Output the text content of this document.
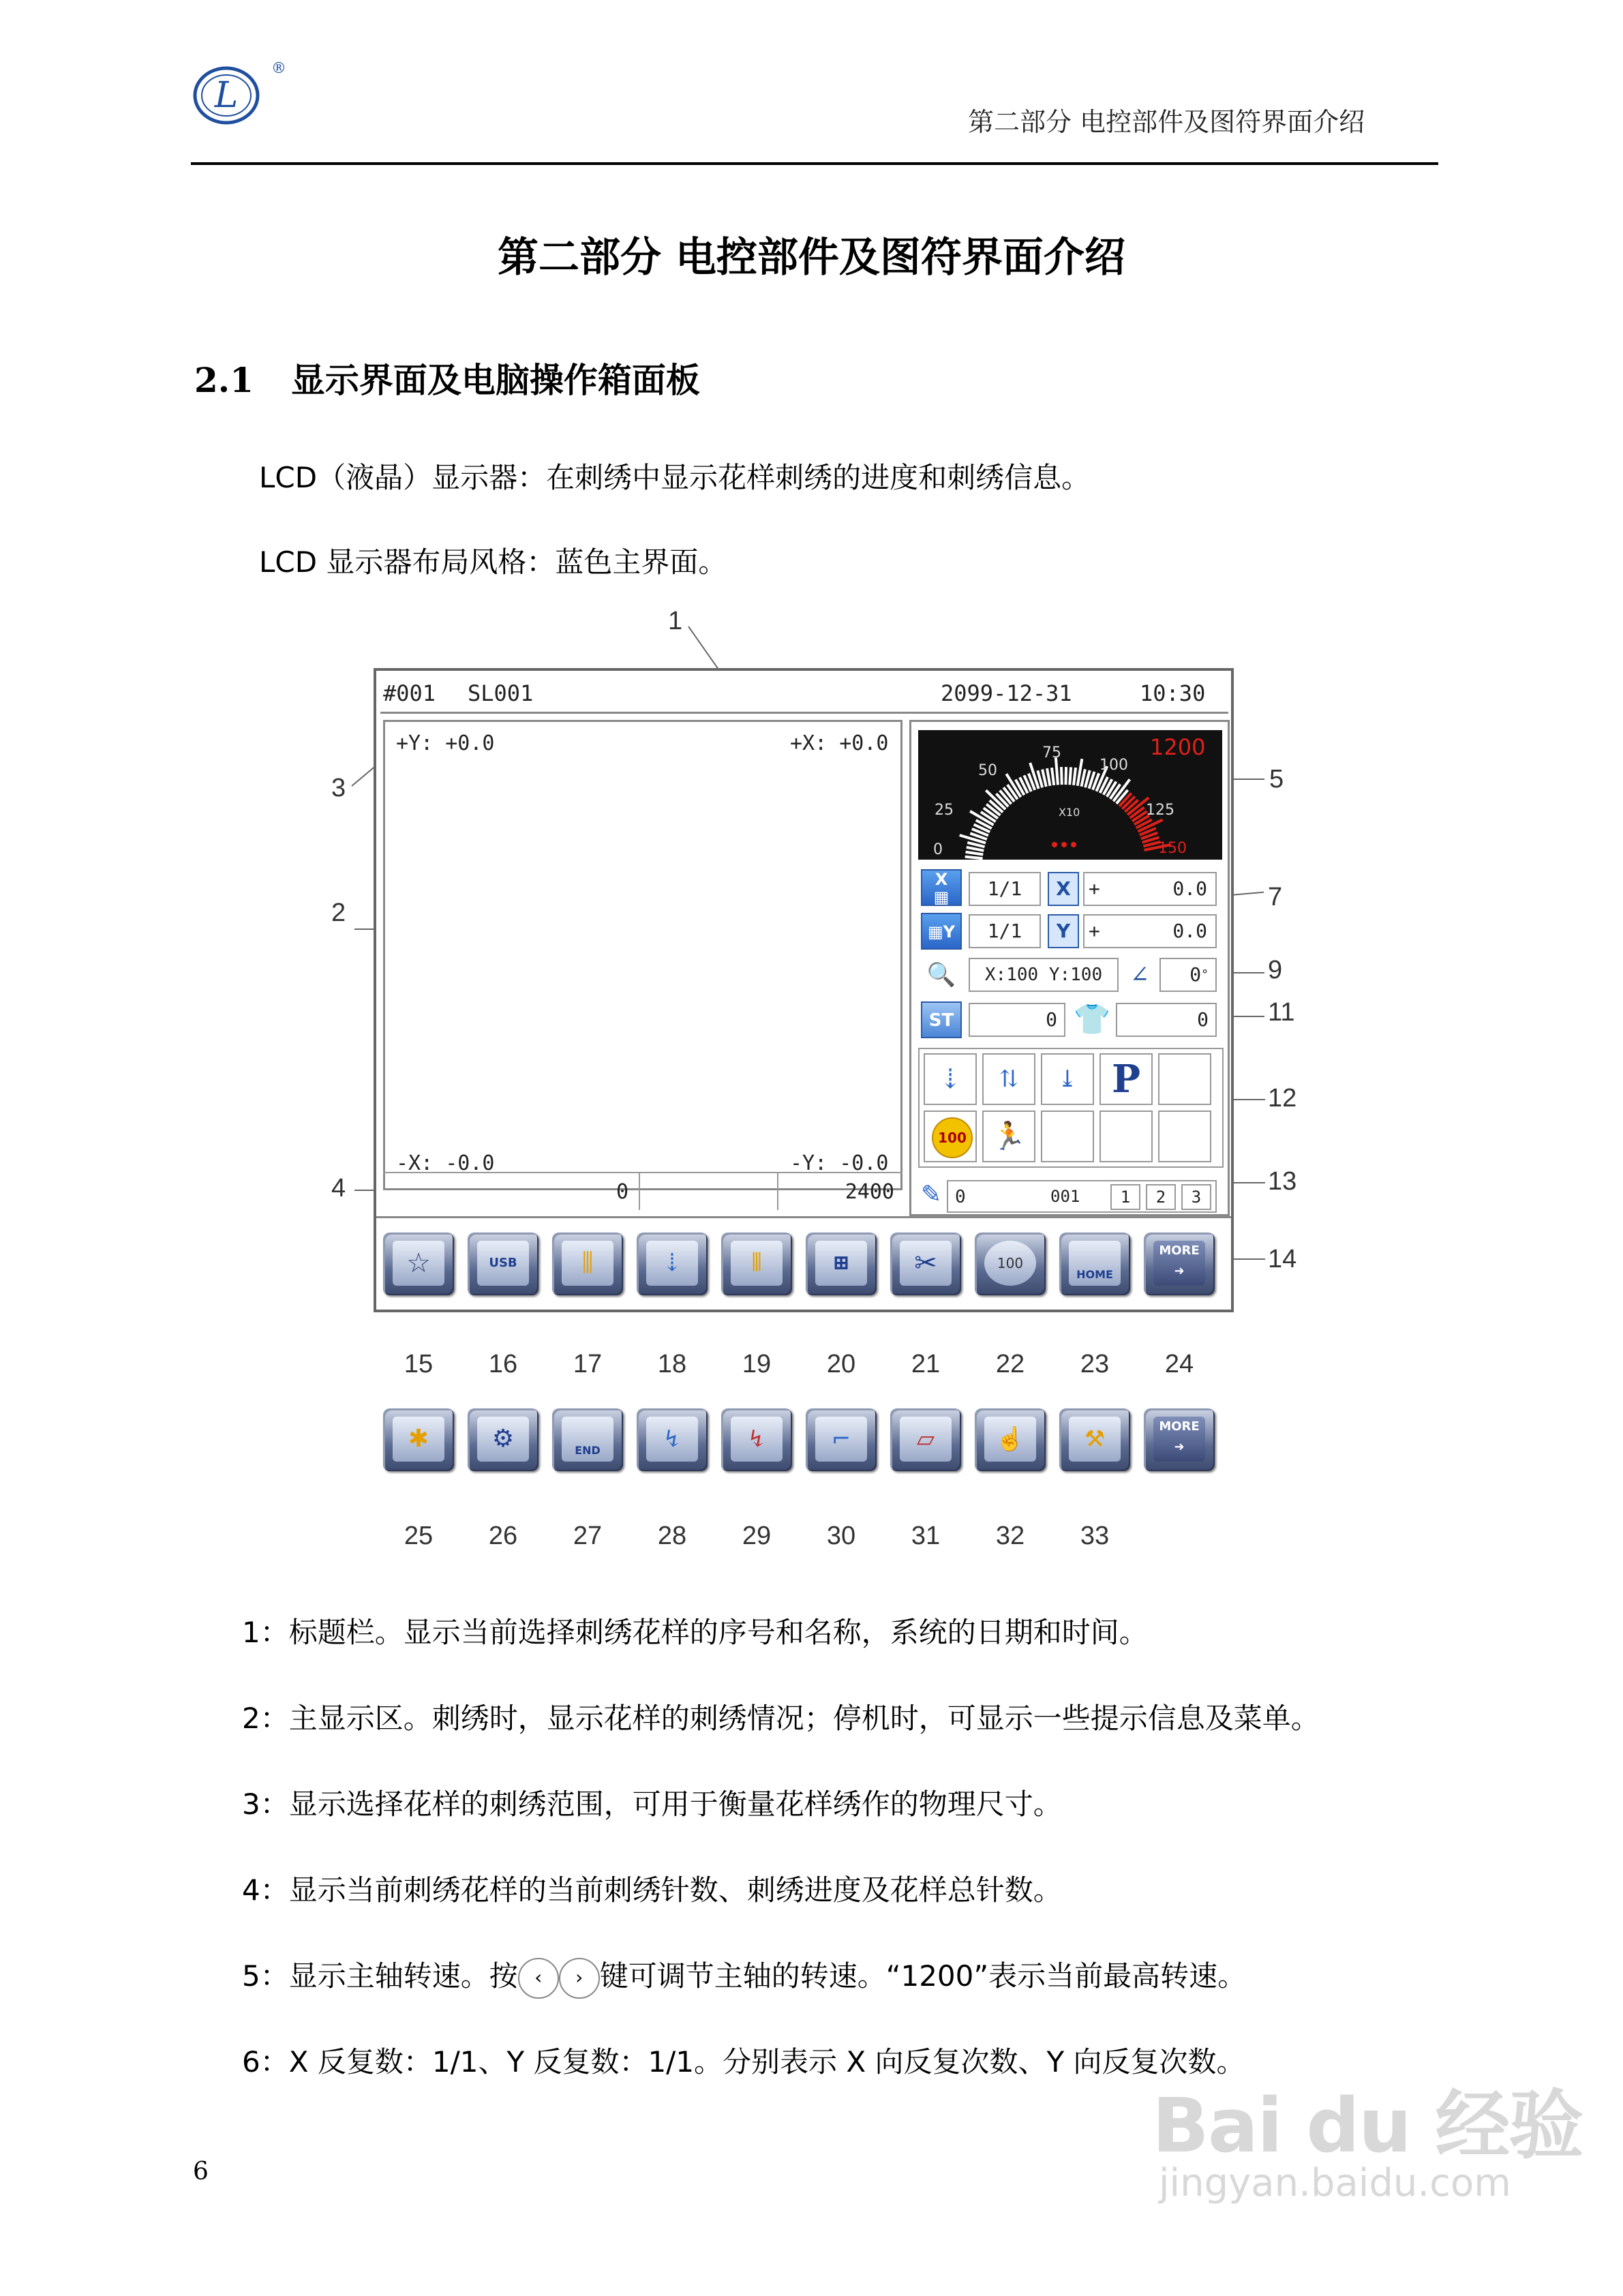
L
®
第二部分 电控部件及图符界面介绍
第二部分 电控部件及图符界面介绍
2.1 显示界面及电脑操作箱面板
LCD（液晶）显示器：在刺绣中显示花样刺绣的进度和刺绣信息。
LCD 显示器布局风格：蓝色主界面。
1
2
3
4
5
7
9
11
12
13
14
#001 SL001	2099-12-31	10:30
+Y: +0.0	+X: +0.0
-X: -0.0	-Y: -0.0
0	2400
0
25
50
75
100
125
150
X10
1200
X
▦	1/1	X +	0.0
▦Y	1/1	Y +	0.0
🔍	X:100 Y:100	∠	0°
ST	0 👕	0
⇣	⇅	⤓ P
100 🏃
✎ 0	001	1	2	3
☆	USB	⫼	⇣	⫴	⊞	✂	100
HOME
MORE
➜
15	16	17	18	19	20	21	22	23	24
✱	⚙	END	↯	↯	⌐	▱	☝	⚒	MORE
➜
25	26	27	28	29	30	31	32	33
1：标题栏。显示当前选择刺绣花样的序号和名称，系统的日期和时间。
2：主显示区。刺绣时，显示花样的刺绣情况；停机时，可显示一些提示信息及菜单。
3：显示选择花样的刺绣范围，可用于衡量花样绣作的物理尺寸。
4：显示当前刺绣花样的当前刺绣针数、刺绣进度及花样总针数。
5：显示主轴转速。按 ‹ › 键可调节主轴的转速。“1200”表示当前最高转速。
6：X 反复数：1/1、Y 反复数：1/1。分别表示 X 向反复次数、Y 向反复次数。
6
Bai du 经验
jingyan.baidu.com
